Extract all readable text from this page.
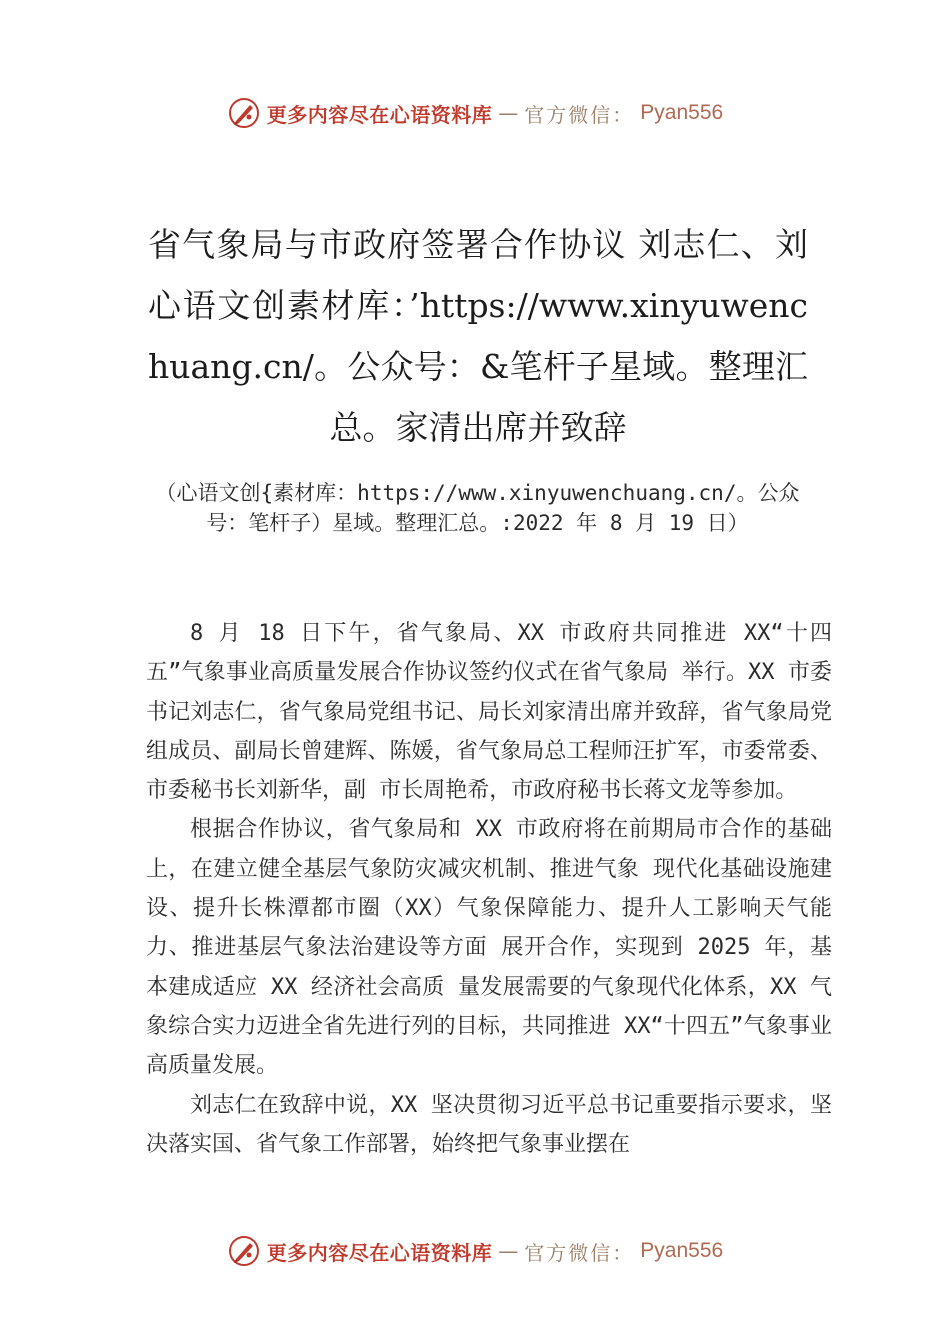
更多内容尽在心语资料库 — 官方微信： Pyan556
省气象局与市政府签署合作协议 刘志仁、刘心语文创素材库：’https://www.xinyuwenchuang.cn/。公众号：&笔杆子星域。整理汇总。家清出席并致辞
（心语文创{素材库：https://www.xinyuwenchuang.cn/。公众号：笔杆子）星域。整理汇总。:2022 年 8 月 19 日）

8 月 18 日下午，省气象局、XX 市政府共同推进 XX“十四五”气象事业高质量发展合作协议签约仪式在省气象局 举行。XX 市委书记刘志仁，省气象局党组书记、局长刘家清出席并致辞，省气象局党组成员、副局长曾建辉、陈媛，省气象局总工程师汪扩军，市委常委、市委秘书长刘新华，副 市长周艳希，市政府秘书长蒋文龙等参加。

根据合作协议，省气象局和 XX 市政府将在前期局市合作的基础上，在建立健全基层气象防灾减灾机制、推进气象 现代化基础设施建设、提升长株潭都市圈（XX）气象保障能力、提升人工影响天气能力、推进基层气象法治建设等方面 展开合作，实现到 2025 年，基本建成适应 XX 经济社会高质 量发展需要的气象现代化体系，XX 气象综合实力迈进全省先进行列的目标，共同推进 XX“十四五”气象事业高质量发展。

刘志仁在致辞中说，XX 坚决贯彻习近平总书记重要指示要求，坚决落实国、省气象工作部署，始终把气象事业摆在

更多内容尽在心语资料库 — 官方微信： Pyan556
